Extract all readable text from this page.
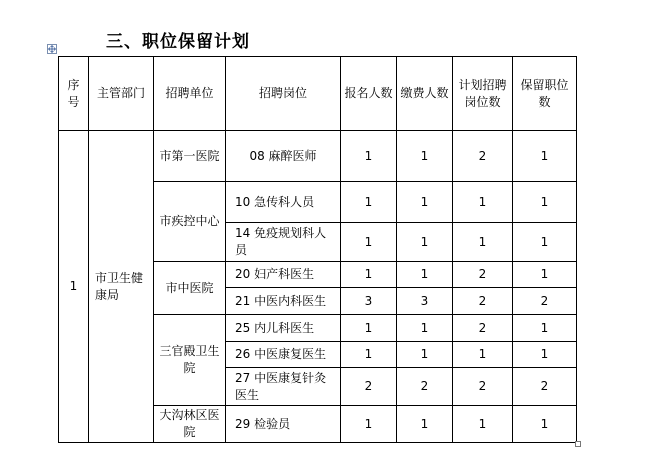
三、职位保留计划
序号	主管部门	招聘单位	招聘岗位	报名人数	缴费人数	计划招聘岗位数	保留职位数
1	市卫生健康局	市第一医院	08 麻醉医师	1	1	2	1
		市疾控中心	10 急传科人员	1	1	1	1
			14 免疫规划科人员	1	1	1	1
		市中医院	20 妇产科医生	1	1	2	1
			21 中医内科医生	3	3	2	2
		三官殿卫生院	25 内儿科医生	1	1	2	1
			26 中医康复医生	1	1	1	1
			27 中医康复针灸医生	2	2	2	2
		大沟林区医院	29 检验员	1	1	1	1
